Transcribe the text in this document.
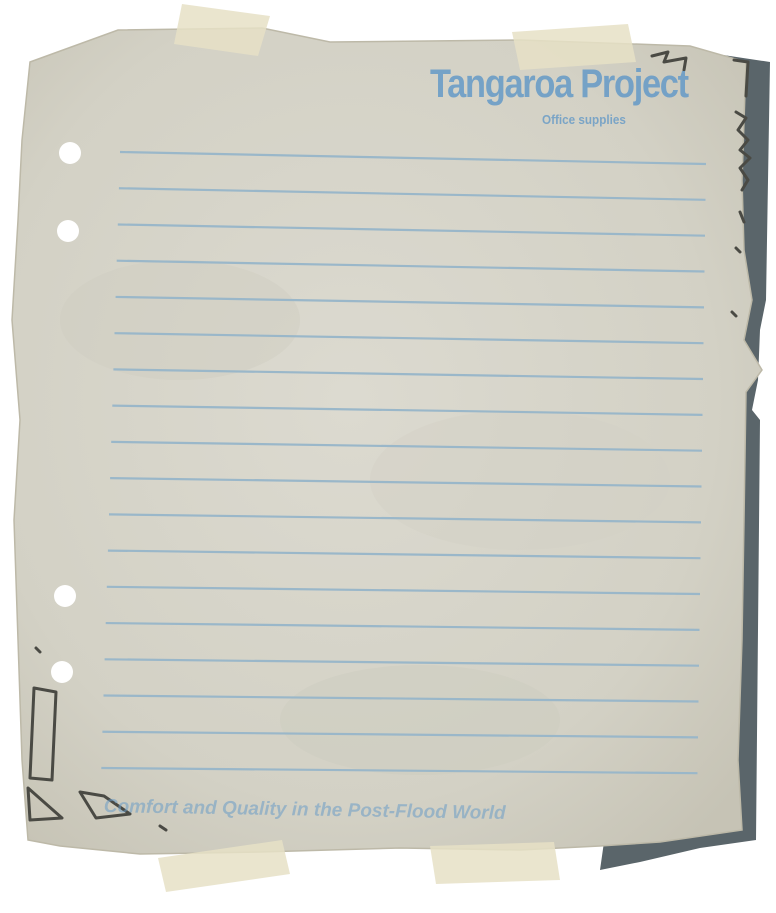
Tangaroa Project
Office supplies
Comfort and Quality in the Post-Flood World
